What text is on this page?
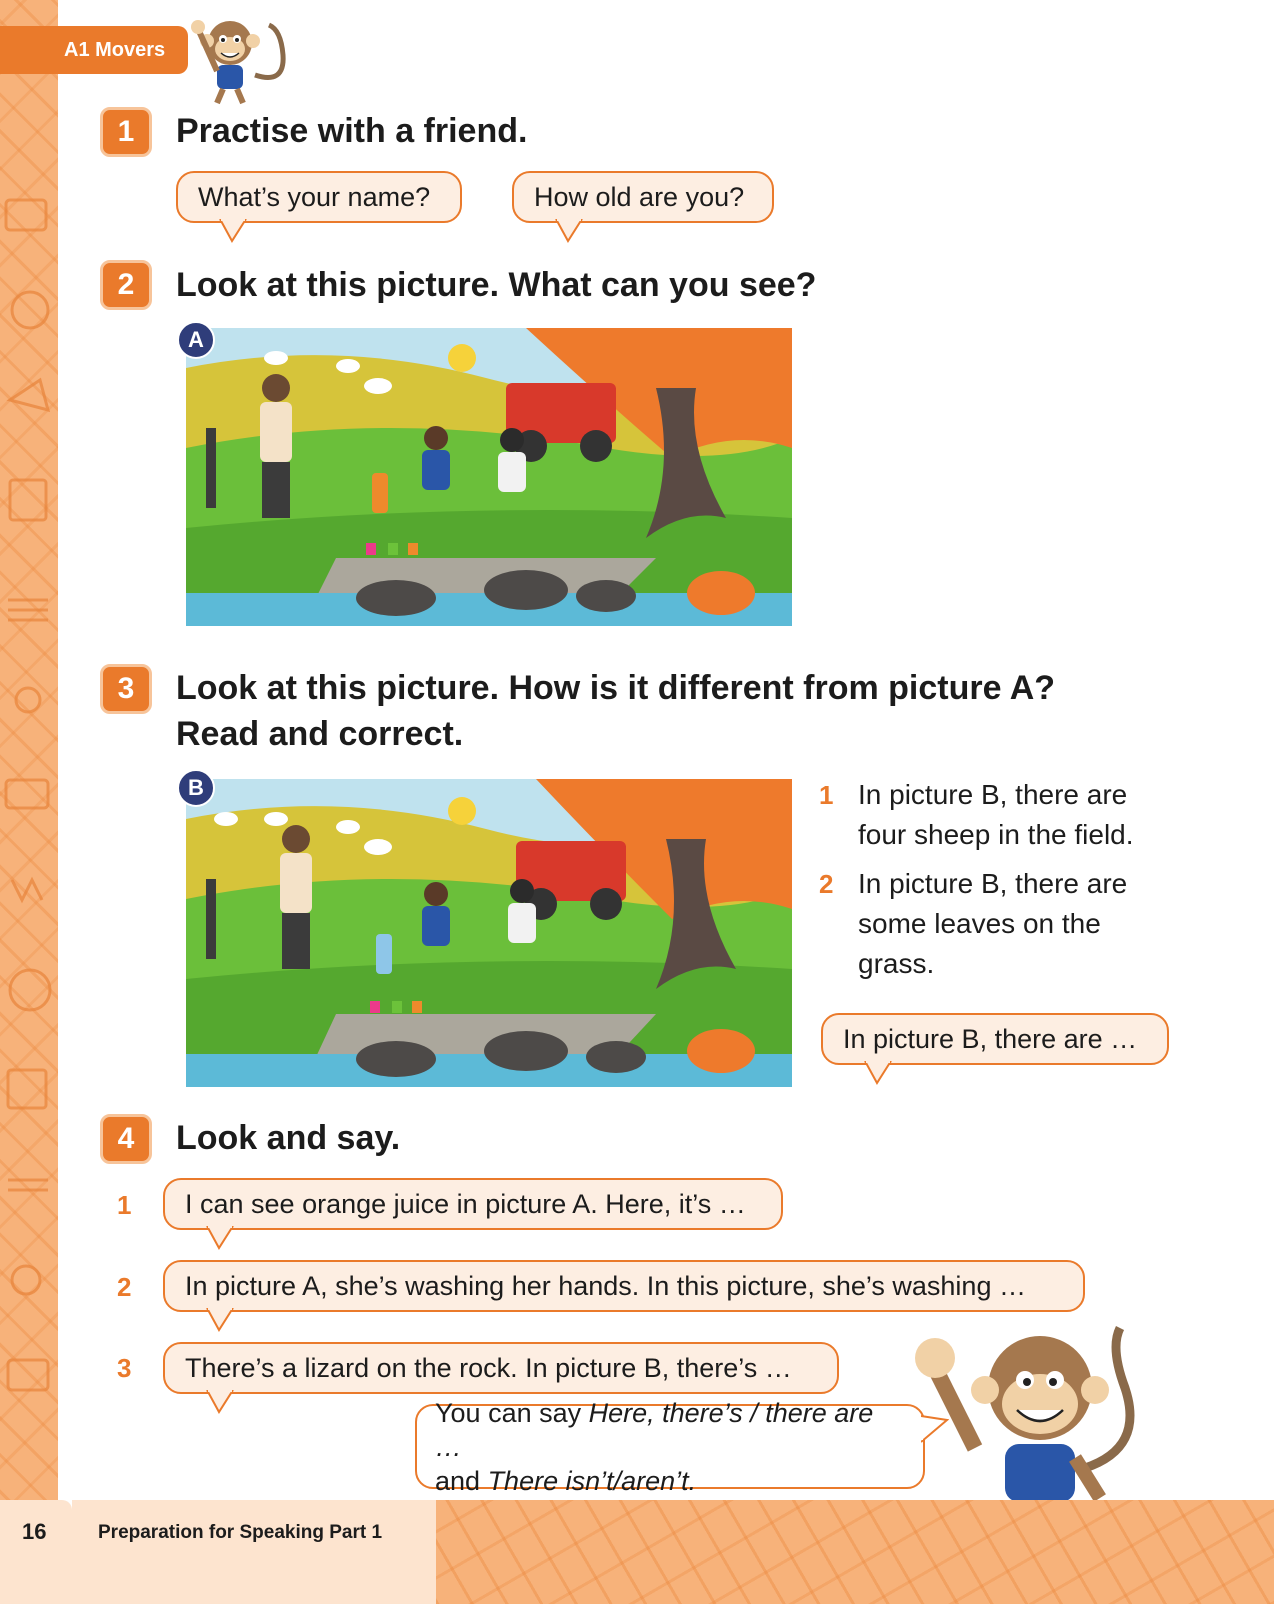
A1 Movers
1	Practise with a friend.
What’s your name?	How old are you?
2	Look at this picture. What can you see?
A
3	Look at this picture. How is it different from picture A?
Read and correct.
B	1 In picture B, there are
four sheep in the field.
2 In picture B, there are
some leaves on the
grass.
In picture B, there are …
4	Look and say.
1 I can see orange juice in picture A. Here, it’s …
2 In picture A, she’s washing her hands. In this picture, she’s washing …
3 There’s a lizard on the rock. In picture B, there’s …
You can say Here, there’s / there are …
and There isn’t/aren’t.
16	Preparation for Speaking Part 1
